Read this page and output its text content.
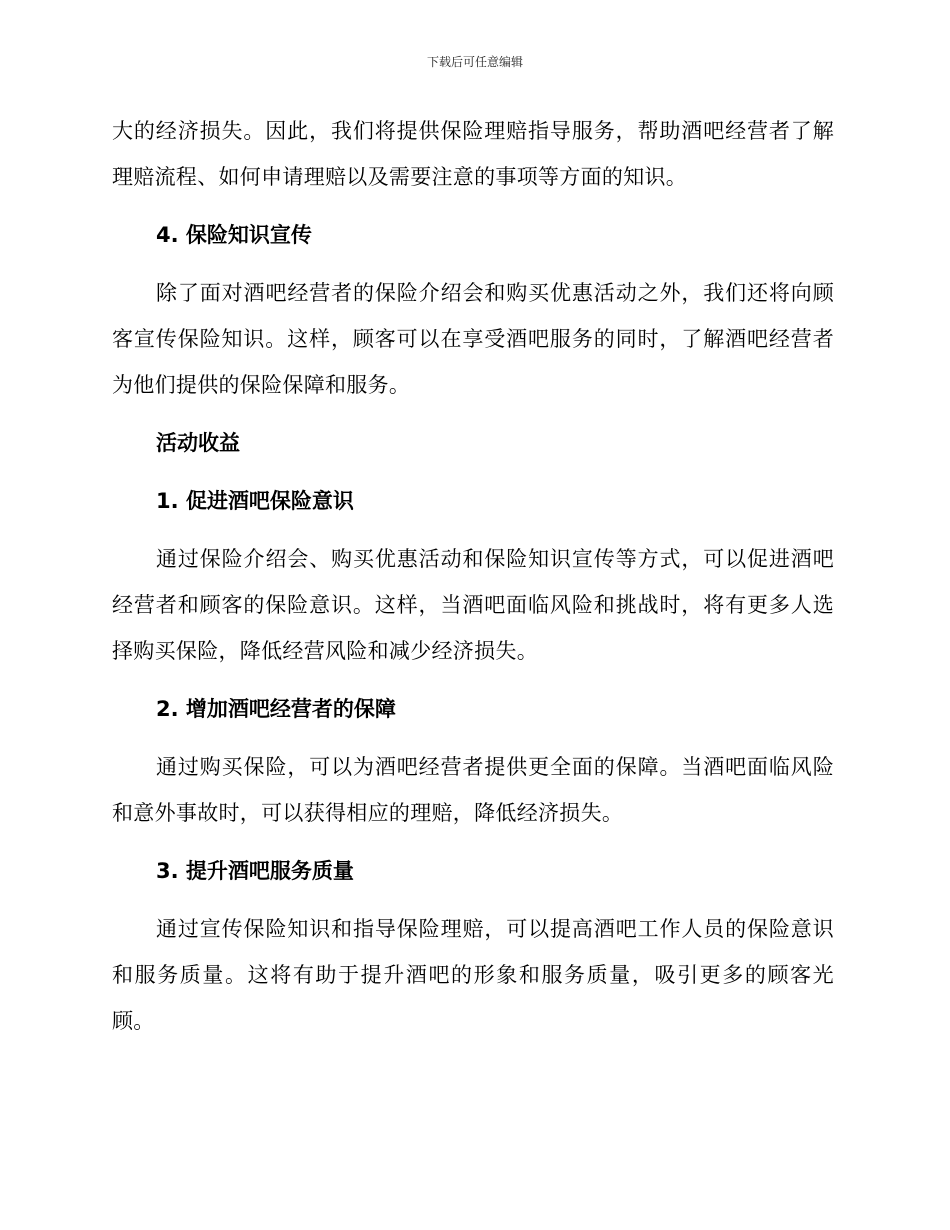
下载后可任意编辑

大的经济损失。因此，我们将提供保险理赔指导服务，帮助酒吧经营者了解理赔流程、如何申请理赔以及需要注意的事项等方面的知识。

4. 保险知识宣传

除了面对酒吧经营者的保险介绍会和购买优惠活动之外，我们还将向顾客宣传保险知识。这样，顾客可以在享受酒吧服务的同时，了解酒吧经营者为他们提供的保险保障和服务。

活动收益

1. 促进酒吧保险意识

通过保险介绍会、购买优惠活动和保险知识宣传等方式，可以促进酒吧经营者和顾客的保险意识。这样，当酒吧面临风险和挑战时，将有更多人选择购买保险，降低经营风险和减少经济损失。

2. 增加酒吧经营者的保障

通过购买保险，可以为酒吧经营者提供更全面的保障。当酒吧面临风险和意外事故时，可以获得相应的理赔，降低经济损失。

3. 提升酒吧服务质量

通过宣传保险知识和指导保险理赔，可以提高酒吧工作人员的保险意识和服务质量。这将有助于提升酒吧的形象和服务质量，吸引更多的顾客光顾。
